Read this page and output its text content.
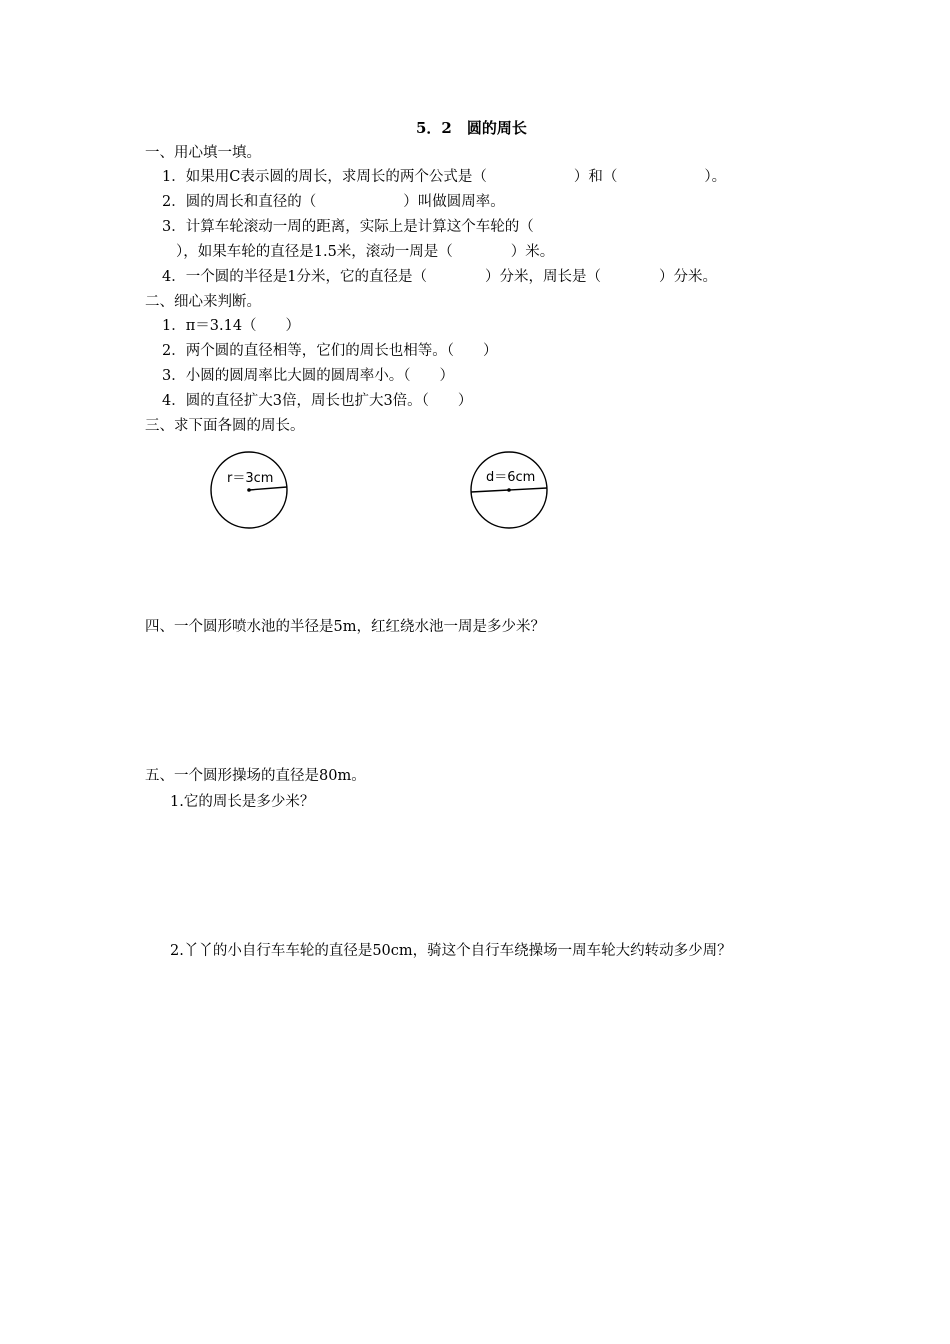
5．2　圆的周长
一、用心填一填。
1．如果用C表示圆的周长，求周长的两个公式是（　　　　　　）和（　　　　　　）。
2．圆的周长和直径的（　　　　　　）叫做圆周率。
3．计算车轮滚动一周的距离，实际上是计算这个车轮的（
），如果车轮的直径是1.5米，滚动一周是（　　　　）米。
4．一个圆的半径是1分米，它的直径是（　　　　）分米，周长是（　　　　）分米。
二、细心来判断。
1．π＝3.14（　　）
2．两个圆的直径相等，它们的周长也相等。（　　）
3．小圆的圆周率比大圆的圆周率小。（　　）
4．圆的直径扩大3倍，周长也扩大3倍。（　　）
三、求下面各圆的周长。
r＝3cm	d＝6cm
四、一个圆形喷水池的半径是5m，红红绕水池一周是多少米？
五、一个圆形操场的直径是80m。
1.它的周长是多少米？
2.丫丫的小自行车车轮的直径是50cm，骑这个自行车绕操场一周车轮大约转动多少周？
